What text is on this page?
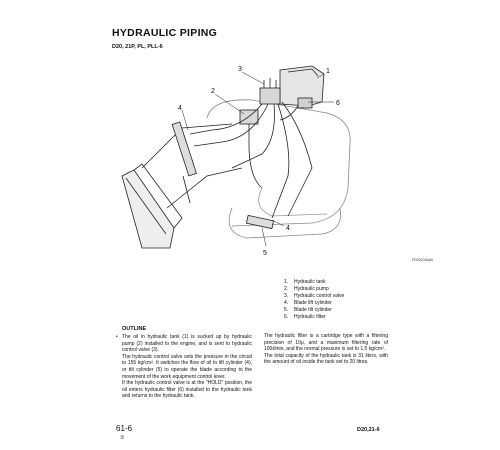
HYDRAULIC PIPING
D20, 21P, PL, PLL-6
1
2
3
4
5
6
4
FD0010A0A0
1. Hydraulic tank
2. Hydraulic pump
3. Hydraulic control valve
4. Blade lift cylinder
5. Blade tilt cylinder
6. Hydraulic filter
OUTLINE

• The oil in hydraulic tank (1) is sucked up by hydraulic pump (2) installed to the engine, and is sent to hydraulic control valve (3).

The hydraulic control valve sets the pressure in the circuit to 155 kg/cm². It switches the flow of oil to lift cylinder (4), or tilt cylinder (5) to operate the blade according to the movement of the work equipment control lever.

If the hydraulic control valve is at the "HOLD" position, the oil enters hydraulic filter (6) installed to the hydraulic tank and returns to the hydraulic tank.

The hydraulic filter is a cartridge type with a filtering precision of 10μ, and a maximum filtering rate of 100ℓ/min, and the normal pressure is set to 1.5 kg/cm².

The total capacity of the hydraulic tank is 31 liters, with the amount of oil inside the tank set to 20 litres.

61-6
①
D20,21-6
